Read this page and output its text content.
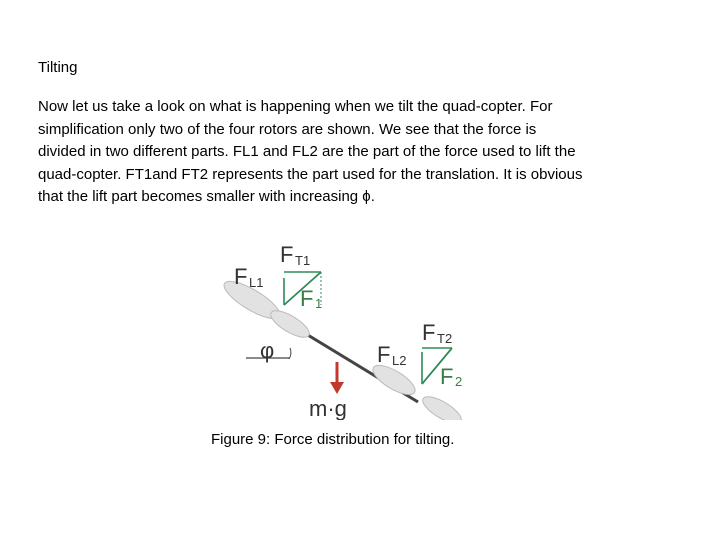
Tilting
Now let us take a look on what is happening when we tilt the quad-copter. For
simplification only two of the four rotors are shown. We see that the force is
divided in two different parts. FL1 and FL2 are the part of the force used to lift the
quad-copter. FT1and FT2 represents the part used for the translation. It is obvious
that the lift part becomes smaller with increasing ϕ.
F T1
F L1
F 1
φ
F T2
F L2
F 2
m·g
Figure 9: Force distribution for tilting.
